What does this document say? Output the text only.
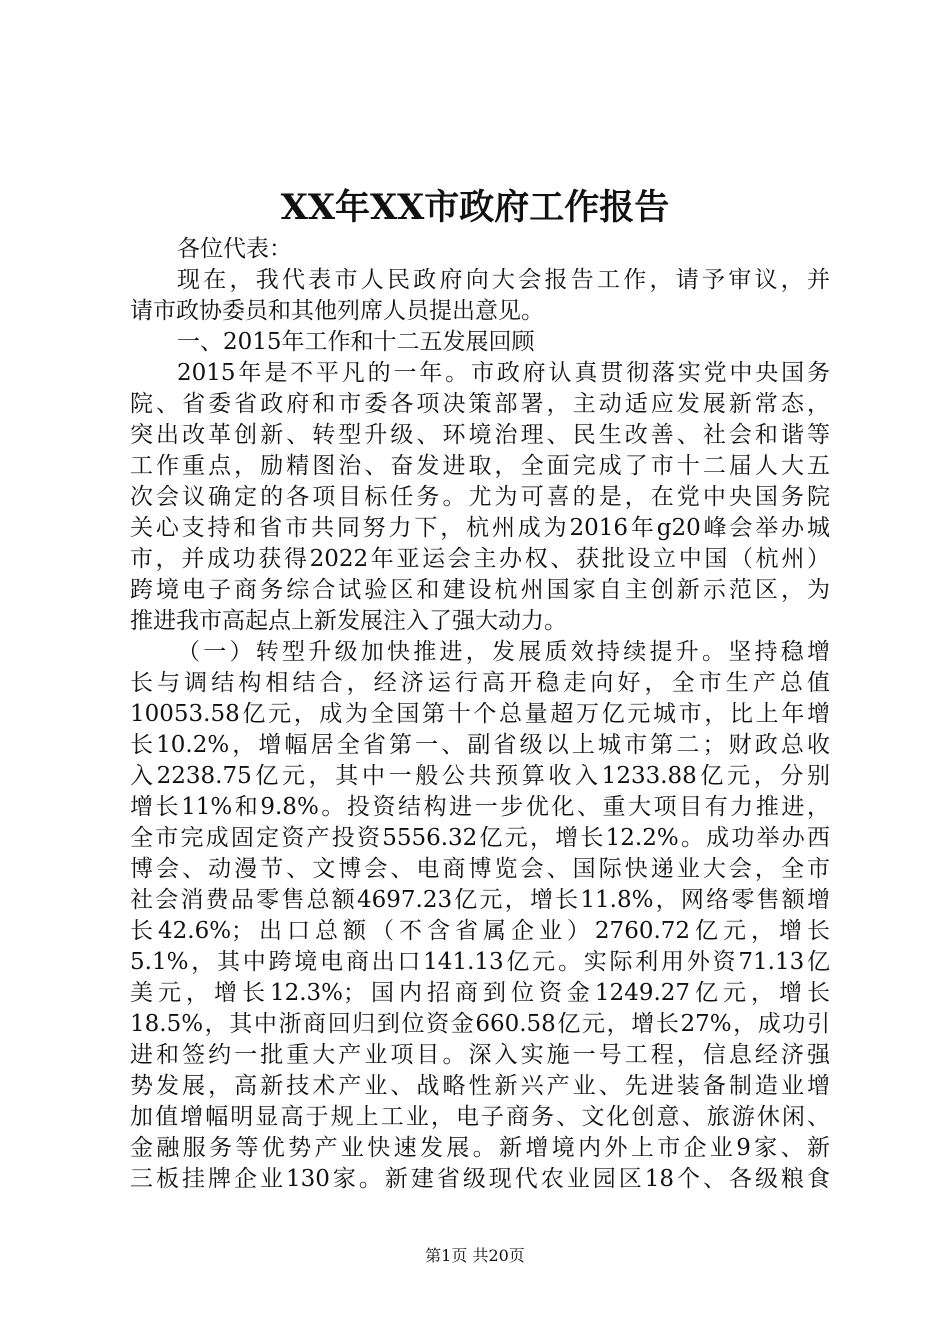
XX年XX市政府工作报告
各位代表：
现在，我代表市人民政府向大会报告工作，请予审议，并
请市政协委员和其他列席人员提出意见。
一、2015年工作和十二五发展回顾
2015年是不平凡的一年。市政府认真贯彻落实党中央国务
院、省委省政府和市委各项决策部署，主动适应发展新常态，
突出改革创新、转型升级、环境治理、民生改善、社会和谐等
工作重点，励精图治、奋发进取，全面完成了市十二届人大五
次会议确定的各项目标任务。尤为可喜的是，在党中央国务院
关心支持和省市共同努力下，杭州成为2016年g20峰会举办城
市，并成功获得2022年亚运会主办权、获批设立中国（杭州）
跨境电子商务综合试验区和建设杭州国家自主创新示范区，为
推进我市高起点上新发展注入了强大动力。
（一）转型升级加快推进，发展质效持续提升。坚持稳增
长与调结构相结合，经济运行高开稳走向好，全市生产总值
10053.58亿元，成为全国第十个总量超万亿元城市，比上年增
长10.2%，增幅居全省第一、副省级以上城市第二；财政总收
入2238.75亿元，其中一般公共预算收入1233.88亿元，分别
增长11%和9.8%。投资结构进一步优化、重大项目有力推进，
全市完成固定资产投资5556.32亿元，增长12.2%。成功举办西
博会、动漫节、文博会、电商博览会、国际快递业大会，全市
社会消费品零售总额4697.23亿元，增长11.8%，网络零售额增
长42.6%；出口总额（不含省属企业）2760.72亿元，增长
5.1%，其中跨境电商出口141.13亿元。实际利用外资71.13亿
美元，增长12.3%；国内招商到位资金1249.27亿元，增长
18.5%，其中浙商回归到位资金660.58亿元，增长27%，成功引
进和签约一批重大产业项目。深入实施一号工程，信息经济强
势发展，高新技术产业、战略性新兴产业、先进装备制造业增
加值增幅明显高于规上工业，电子商务、文化创意、旅游休闲、
金融服务等优势产业快速发展。新增境内外上市企业9家、新
三板挂牌企业130家。新建省级现代农业园区18个、各级粮食
第1页 共20页
